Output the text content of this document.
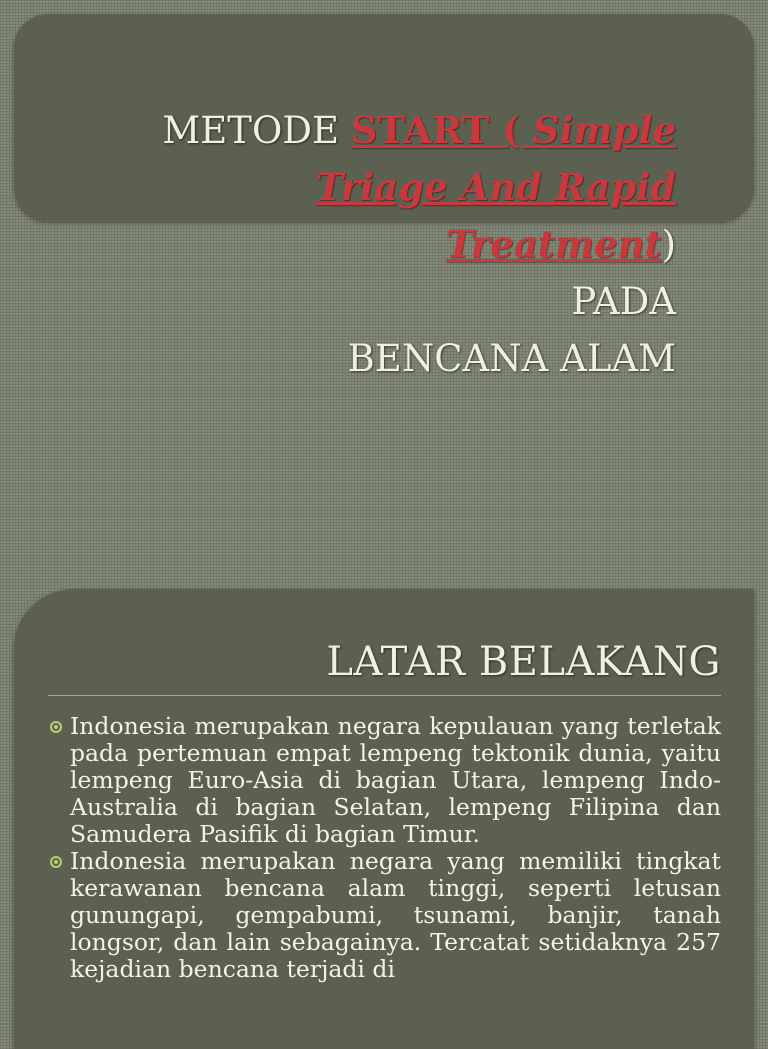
METODE START ( Simple
Triage And Rapid
Treatment)
PADA
BENCANA ALAM
LATAR BELAKANG
Indonesia merupakan negara kepulauan yang terletak pada pertemuan empat lempeng tektonik dunia, yaitu lempeng Euro-Asia di bagian Utara, lempeng Indo-Australia di bagian Selatan, lempeng Filipina dan Samudera Pasifik di bagian Timur.
Indonesia merupakan negara yang memiliki tingkat kerawanan bencana alam tinggi, seperti letusan gunungapi, gempabumi, tsunami, banjir, tanah longsor, dan lain sebagainya. Tercatat setidaknya 257 kejadian bencana terjadi di
